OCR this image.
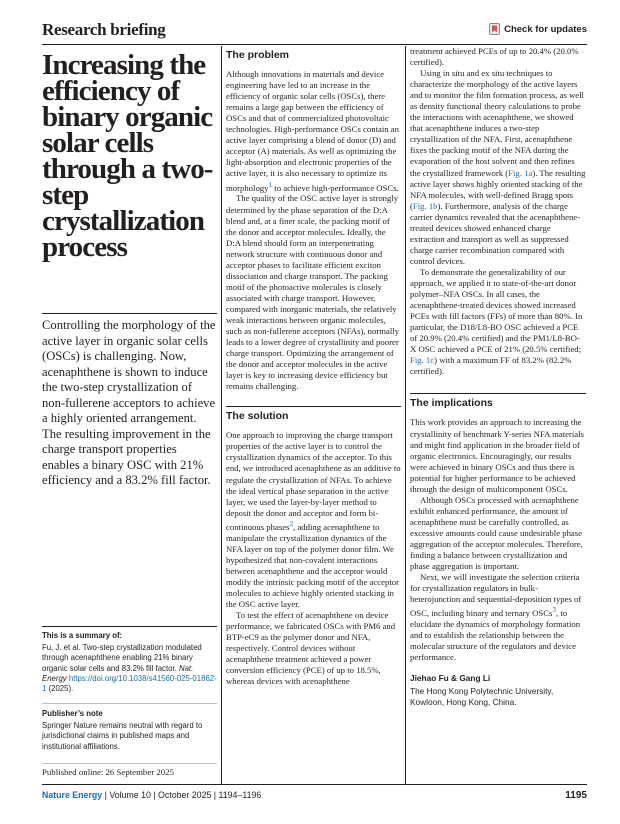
Research briefing	Check for updates
Increasing the efficiency of binary organic solar cells through a two-step crystallization process
Controlling the morphology of the active layer in organic solar cells (OSCs) is challenging. Now, acenaphthene is shown to induce the two-step crystallization of non-fullerene acceptors to achieve a highly oriented arrangement. The resulting improvement in the charge transport properties enables a binary OSC with 21% efficiency and a 83.2% fill factor.
This is a summary of:
Fu, J. et al. Two-step crystallization modulated through acenaphthene enabling 21% binary organic solar cells and 83.2% fill factor. Nat. Energy https://doi.org/10.1038/s41560-025-01862-1 (2025).
Publisher’s note
Springer Nature remains neutral with regard to jurisdictional claims in published maps and institutional affiliations.
Published online: 26 September 2025
The problem

Although innovations in materials and device engineering have led to an increase in the efficiency of organic solar cells (OSCs), there remains a large gap between the efficiency of OSCs and that of commercialized photovoltaic technologies. High-performance OSCs contain an active layer comprising a blend of donor (D) and acceptor (A) materials. As well as optimizing the light-absorption and electronic properties of the active layer, it is also necessary to optimize its morphology$^1$ to achieve high-performance OSCs.

The quality of the OSC active layer is strongly determined by the phase separation of the D:A blend and, at a finer scale, the packing motif of the donor and acceptor molecules. Ideally, the D:A blend should form an interpenetrating network structure with continuous donor and acceptor phases to facilitate efficient exciton dissociation and charge transport. The packing motif of the photoactive molecules is closely associated with charge transport. However, compared with inorganic materials, the relatively weak interactions between organic molecules, such as non-fullerene acceptors (NFAs), normally leads to a lower degree of crystallinity and poorer charge transport. Optimizing the arrangement of the donor and acceptor molecules in the active layer is key to increasing device efficiency but remains challenging.

The solution

One approach to improving the charge transport properties of the active layer is to control the crystallization dynamics of the acceptor. To this end, we introduced acenaphthene as an additive to regulate the crystallization of NFAs. To achieve the ideal vertical phase separation in the active layer, we used the layer-by-layer method to deposit the donor and acceptor and form bi-continuous phases$^2$, adding acenaphthene to manipulate the crystallization dynamics of the NFA layer on top of the polymer donor film. We hypothesized that non-covalent interactions between acenaphthene and the acceptor would modify the intrinsic packing motif of the acceptor molecules to achieve highly oriented stacking in the OSC active layer.

To test the effect of acenaphthene on device performance, we fabricated OSCs with PM6 and BTP-eC9 as the polymer donor and NFA, respectively. Control devices without acenaphthene treatment achieved a power conversion efficiency (PCE) of up to 18.5%, whereas devices with acenaphthene

treatment achieved PCEs of up to 20.4% (20.0% certified).

Using in situ and ex situ techniques to characterize the morphology of the active layers and to monitor the film formation process, as well as density functional theory calculations to probe the interactions with acenaphthene, we showed that acenaphthene induces a two-step crystallization of the NFA. First, acenaphthene fixes the packing motif of the NFA during the evaporation of the host solvent and then refines the crystallized framework (Fig. 1a). The resulting active layer shows highly oriented stacking of the NFA molecules, with well-defined Bragg spots (Fig. 1b). Furthermore, analysis of the charge carrier dynamics revealed that the acenaphthene-treated devices showed enhanced charge extraction and transport as well as suppressed charge carrier recombination compared with control devices.

To demonstrate the generalizability of our approach, we applied it to state-of-the-art donor polymer–NFA OSCs. In all cases, the acenaphthene-treated devices showed increased PCEs with fill factors (FFs) of more than 80%. In particular, the D18/L8-BO OSC achieved a PCE of 20.9% (20.4% certified) and the PM1/L8-BO-X OSC achieved a PCE of 21% (20.5% certified; Fig. 1c) with a maximum FF of 83.2% (82.2% certified).

The implications

This work provides an approach to increasing the crystallinity of benchmark Y-series NFA materials and might find application in the broader field of organic electronics. Encouragingly, our results were achieved in binary OSCs and thus there is potential for higher performance to be achieved through the design of multicomponent OSCs.

Although OSCs processed with acenaphthene exhibit enhanced performance, the amount of acenaphthene must be carefully controlled, as excessive amounts could cause undesirable phase aggregation of the acceptor molecules. Therefore, finding a balance between crystallization and phase aggregation is important.

Next, we will investigate the selection criteria for crystallization regulators in bulk-heterojunction and sequential-deposition types of OSC, including binary and ternary OSCs$^3$, to elucidate the dynamics of morphology formation and to establish the relationship between the molecular structure of the regulators and device performance.

Jiehao Fu & Gang Li
The Hong Kong Polytechnic University, Kowloon, Hong Kong, China.
Nature Energy | Volume 10 | October 2025 | 1194–1196	1195
